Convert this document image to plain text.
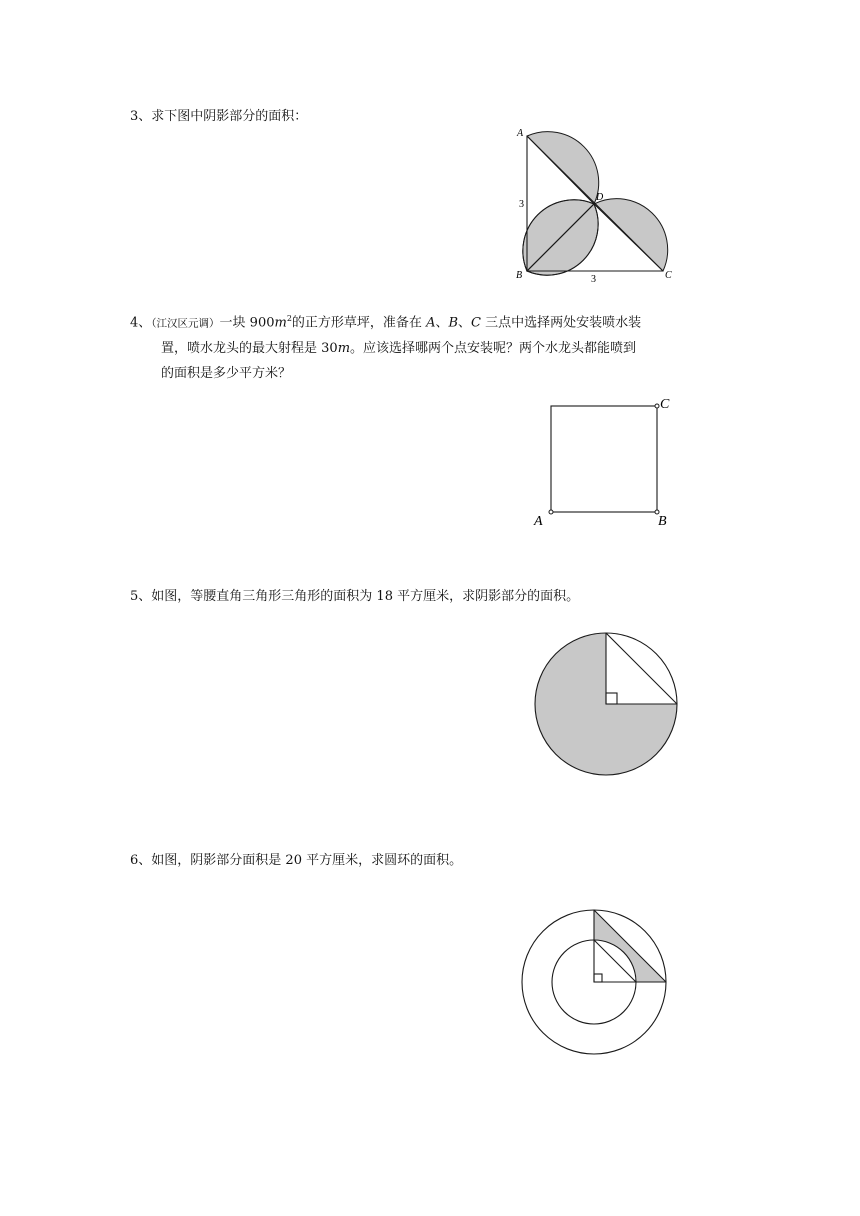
3、求下图中阴影部分的面积：

A
B	C
D
3
3
4、（江汉区元调）一块 $900m^2$的正方形草坪，准备在 A、B、C 三点中选择两处安装喷水装
置，喷水龙头的最大射程是 30m。应该选择哪两个点安装呢？两个水龙头都能喷到
的面积是多少平方米？
A	B
C

5、如图，等腰直角三角形三角形的面积为 18 平方厘米，求阴影部分的面积。

6、如图，阴影部分面积是 20 平方厘米，求圆环的面积。
